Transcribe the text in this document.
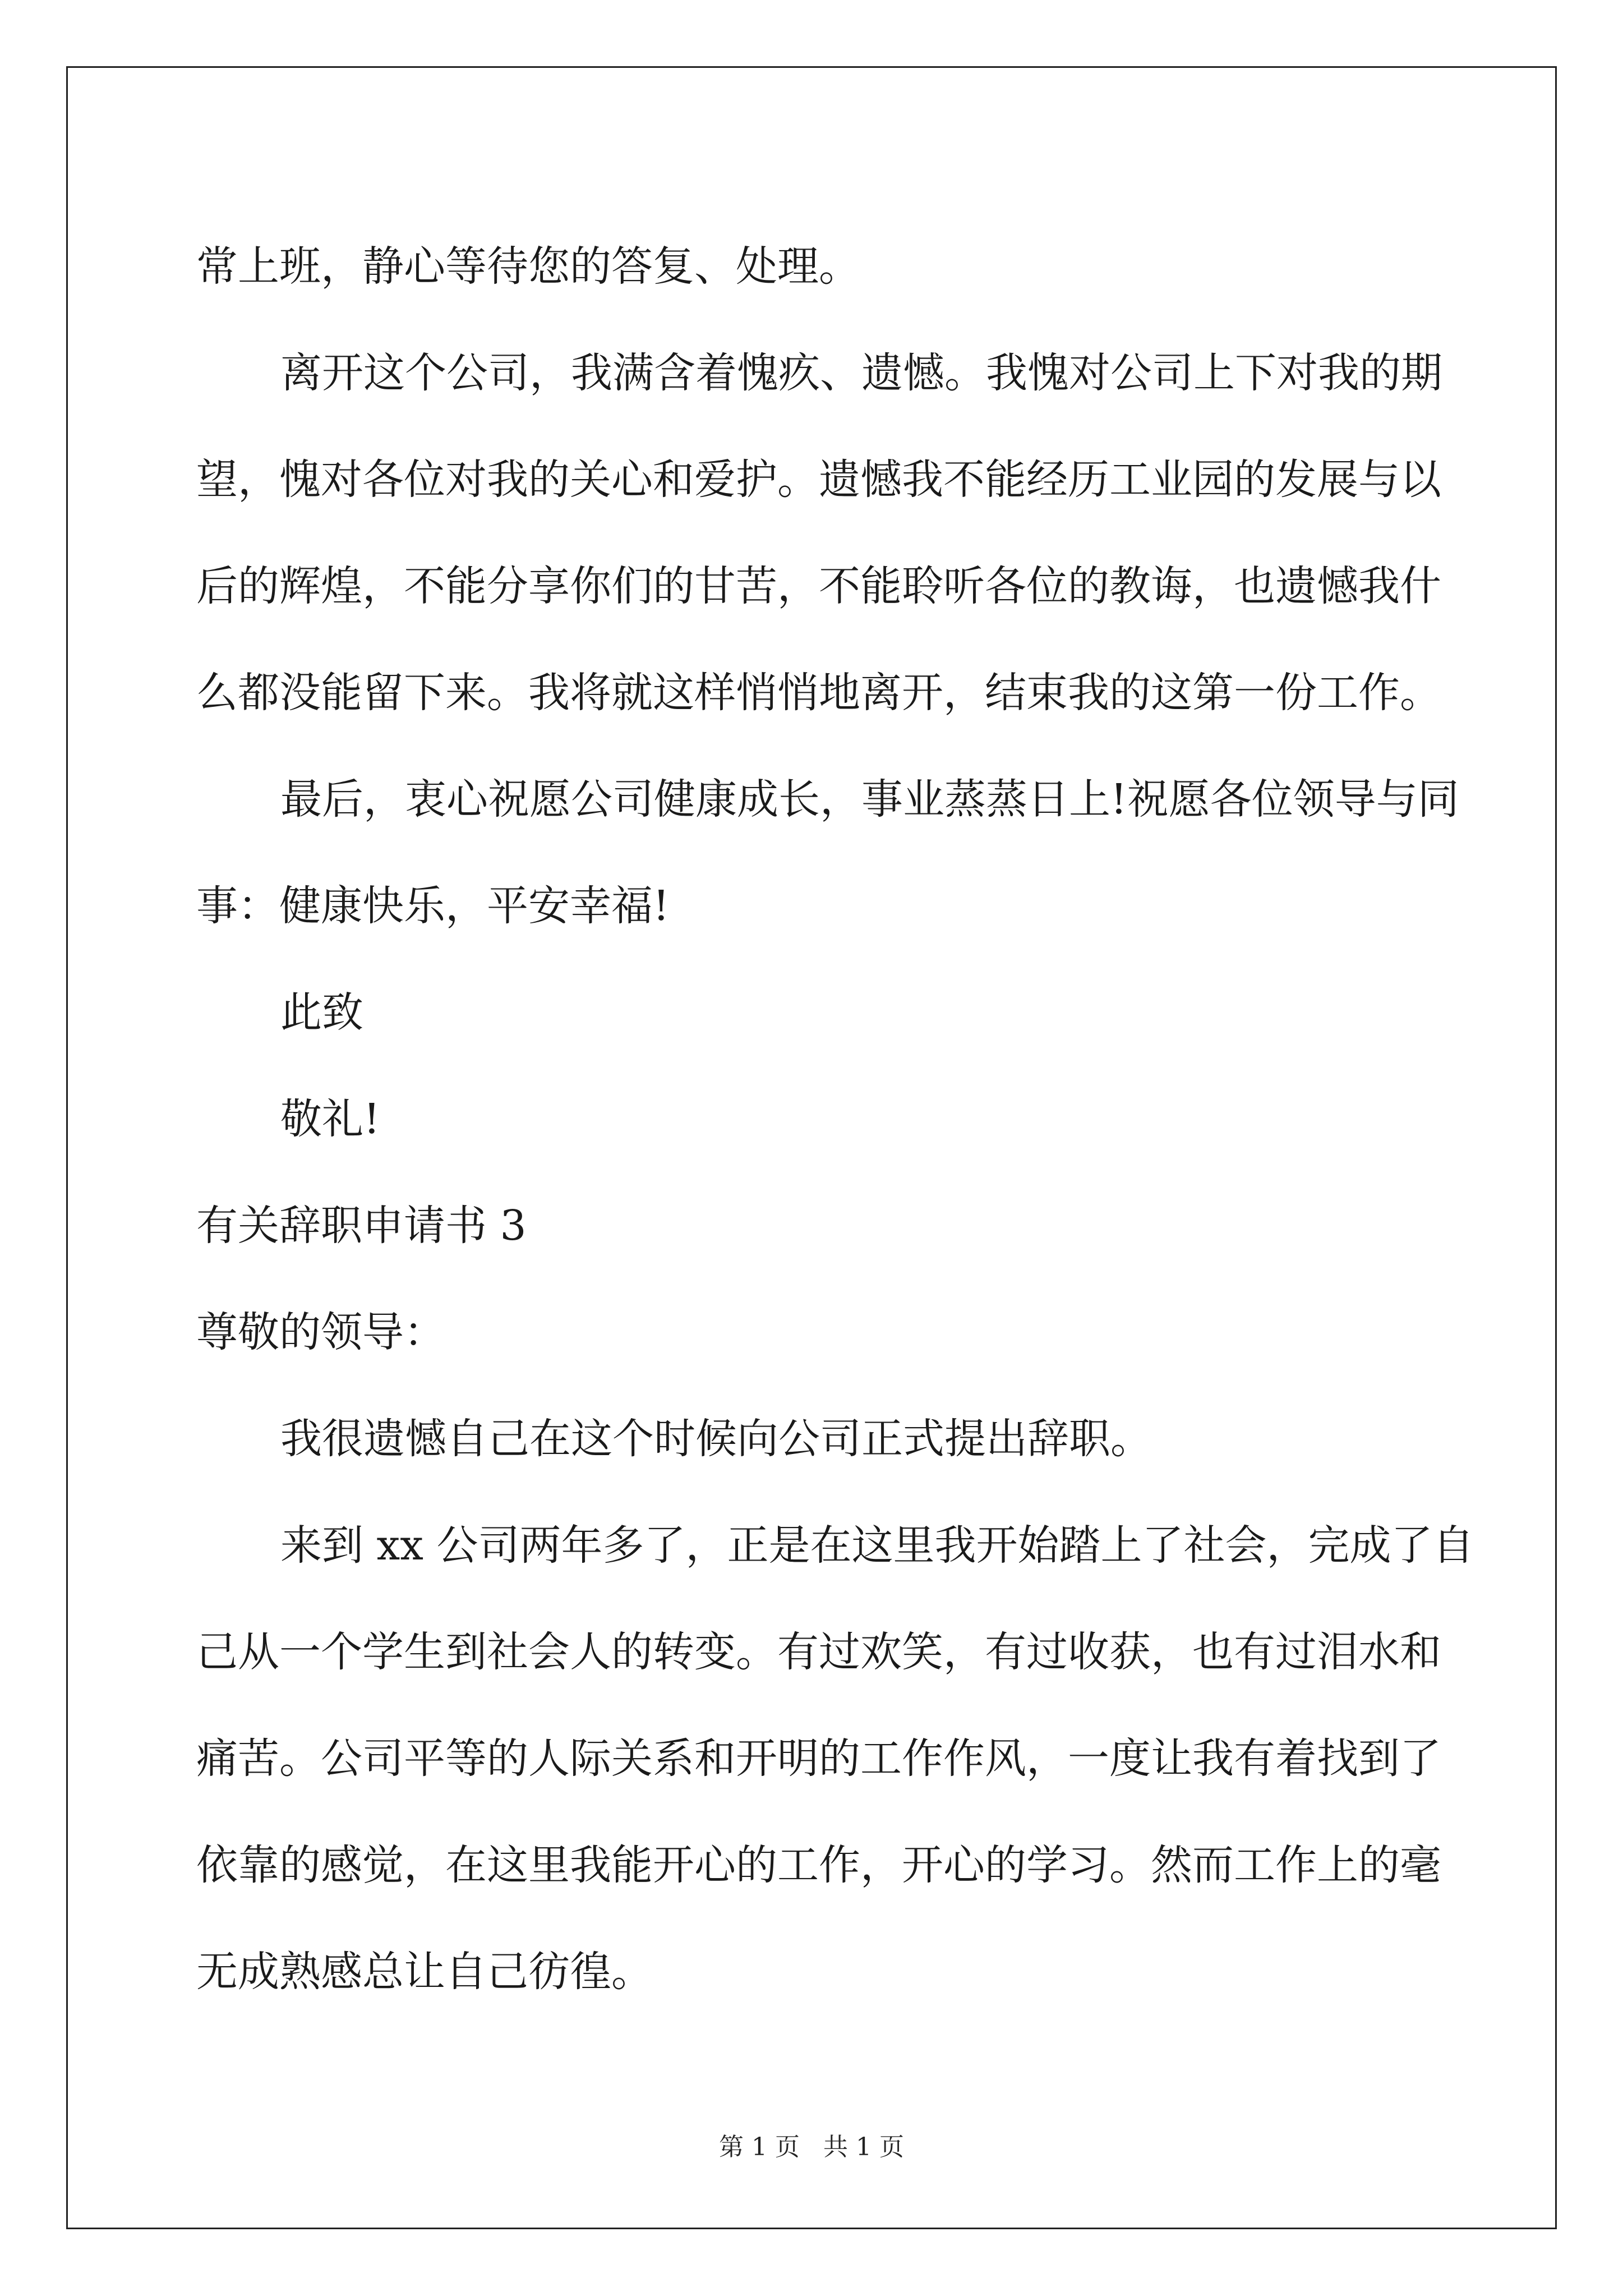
常上班，静心等待您的答复、处理。
离开这个公司，我满含着愧疚、遗憾。我愧对公司上下对我的期
望，愧对各位对我的关心和爱护。遗憾我不能经历工业园的发展与以
后的辉煌，不能分享你们的甘苦，不能聆听各位的教诲，也遗憾我什
么都没能留下来。我将就这样悄悄地离开，结束我的这第一份工作。
最后，衷心祝愿公司健康成长，事业蒸蒸日上!祝愿各位领导与同
事：健康快乐，平安幸福!
此致
敬礼!
有关辞职申请书 3
尊敬的领导：
我很遗憾自己在这个时候向公司正式提出辞职。
来到 xx 公司两年多了，正是在这里我开始踏上了社会，完成了自
己从一个学生到社会人的转变。有过欢笑，有过收获，也有过泪水和
痛苦。公司平等的人际关系和开明的工作作风，一度让我有着找到了
依靠的感觉，在这里我能开心的工作，开心的学习。然而工作上的毫
无成熟感总让自己彷徨。
第 1 页 共 1 页
